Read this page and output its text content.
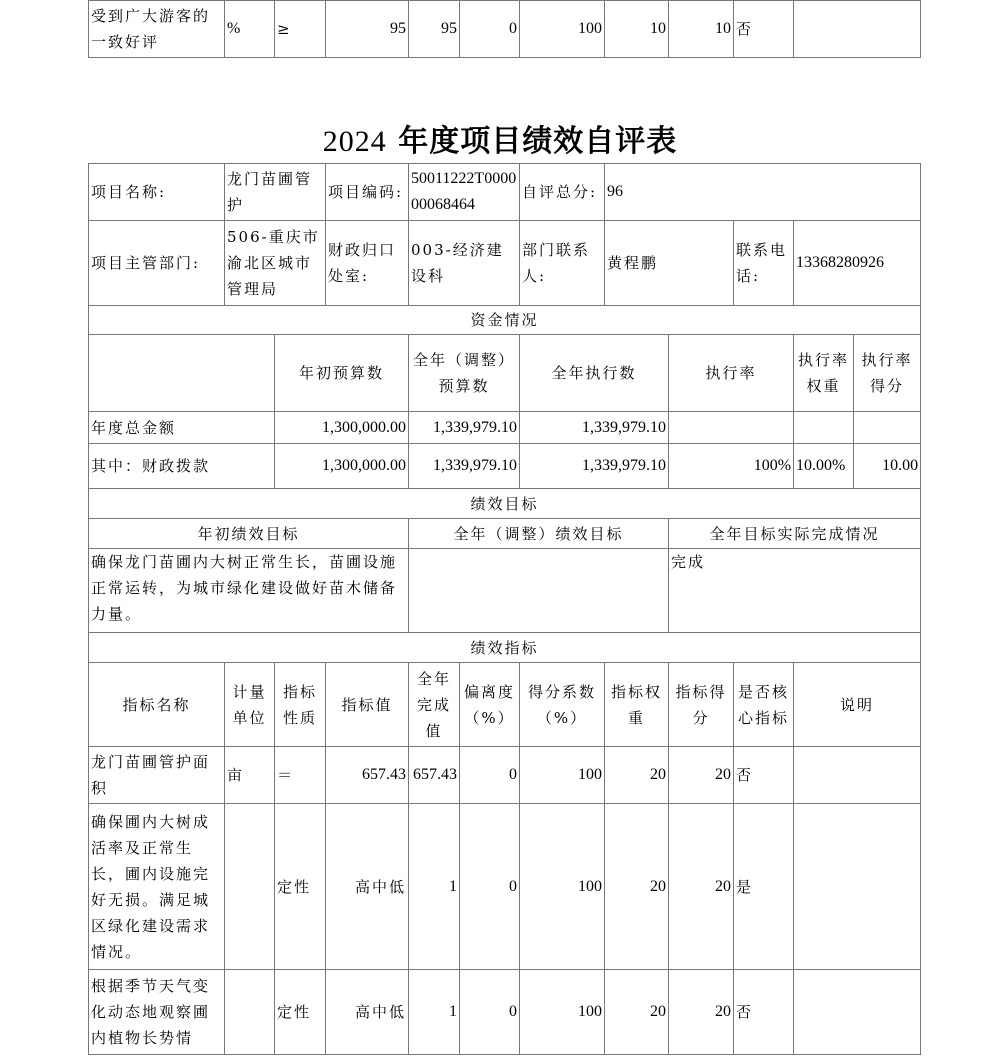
受到广大游客的一致好评	%	≥	95	95	0	100	10	10	否	
2024 年度项目绩效自评表
项目名称:	龙门苗圃管护		项目编码:	50011222T000000068464		自评总分:	96				
项目主管部门:	506-重庆市渝北区城市管理局		财政归口处室:	003-经济建设科		部门联系人:	黄程鹏		联系电话:	13368280926	
资金情况											
		年初预算数		全年（调整）预算数		全年执行数		执行率		执行率权重	执行率得分
年度总金额		1,300,000.00		1,339,979.10		1,339,979.10					
其中：财政拨款		1,300,000.00		1,339,979.10		1,339,979.10		100%		10.00%	10.00
绩效目标											
年初绩效目标				全年（调整）绩效目标				全年目标实际完成情况			
确保龙门苗圃内大树正常生长，苗圃设施正常运转，为城市绿化建设做好苗木储备力量。								完成			
绩效指标											
指标名称	计量单位	指标性质	指标值	全年完成值	偏离度（%）	得分系数（%）	指标权重	指标得分	是否核心指标	说明	
龙门苗圃管护面积	亩	＝	657.43	657.43	0	100	20	20	否		
确保圃内大树成活率及正常生长，圃内设施完好无损。满足城区绿化建设需求情况。		定性	高中低	1	0	100	20	20	是		
根据季节天气变化动态地观察圃内植物长势情		定性	高中低	1	0	100	20	20	否		
